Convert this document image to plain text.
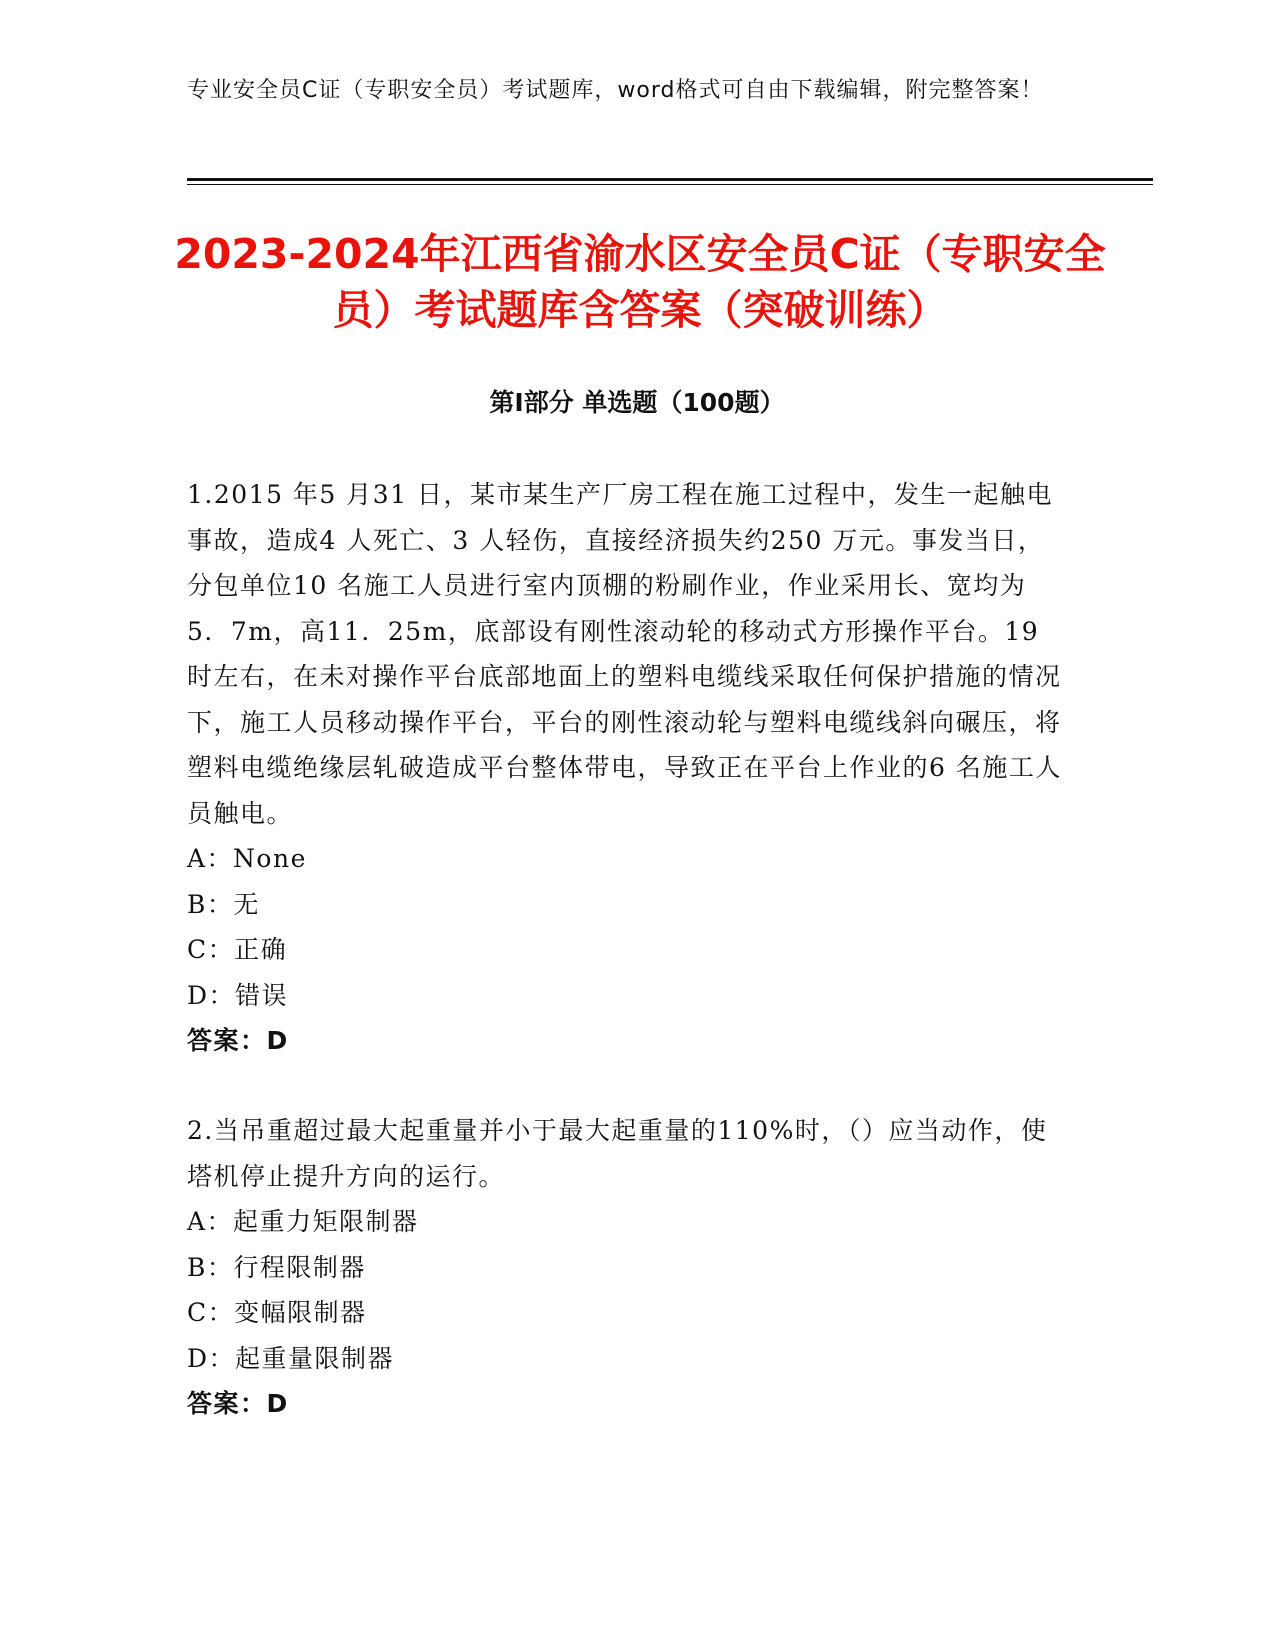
专业安全员C证（专职安全员）考试题库，word格式可自由下载编辑，附完整答案！
2023-2024年江西省渝水区安全员C证（专职安全员）考试题库含答案（突破训练）
第Ⅰ部分 单选题（100题）

1.2015 年5 月31 日，某市某生产厂房工程在施工过程中，发生一起触电事故，造成4 人死亡、3 人轻伤，直接经济损失约250 万元。事发当日，分包单位10 名施工人员进行室内顶棚的粉刷作业，作业采用长、宽均为5．7m，高11．25m，底部设有刚性滚动轮的移动式方形操作平台。19 时左右，在未对操作平台底部地面上的塑料电缆线采取任何保护措施的情况下，施工人员移动操作平台，平台的刚性滚动轮与塑料电缆线斜向碾压，将塑料电缆绝缘层轧破造成平台整体带电，导致正在平台上作业的6 名施工人员触电。

A：None

B：无

C：正确

D：错误

答案：D

2.当吊重超过最大起重量并小于最大起重量的110%时，（）应当动作，使塔机停止提升方向的运行。

A：起重力矩限制器

B：行程限制器

C：变幅限制器

D：起重量限制器

答案：D
